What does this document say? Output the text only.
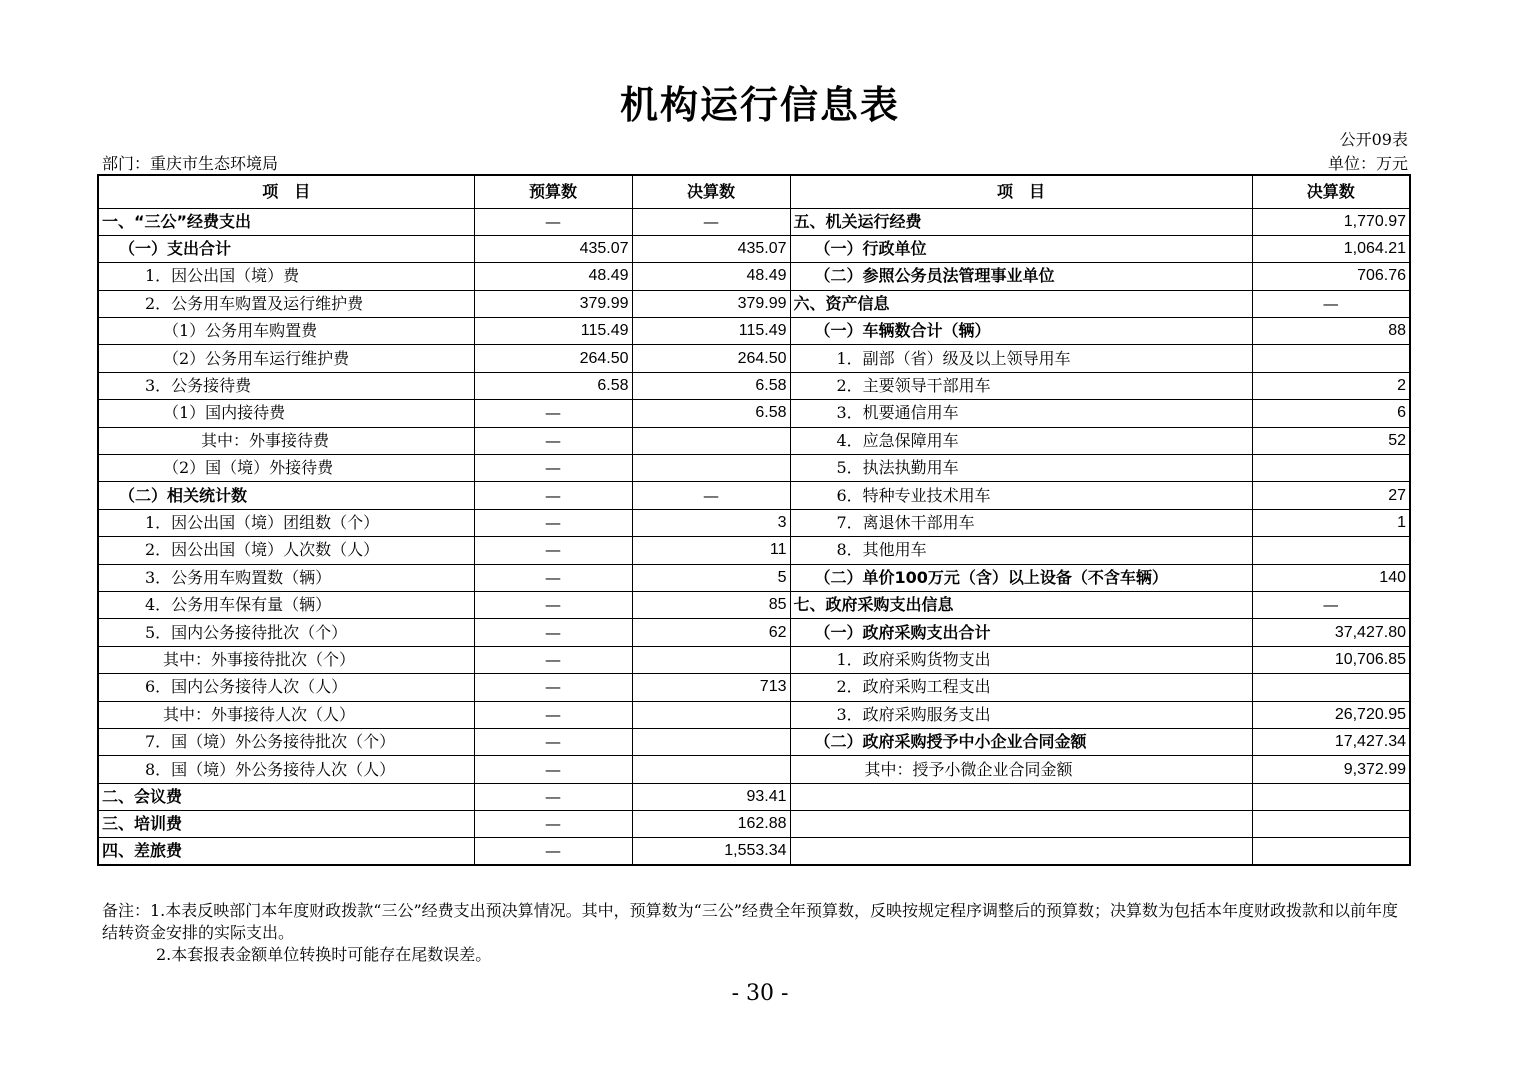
机构运行信息表
公开09表
部门：重庆市生态环境局	单位：万元
项　目	预算数	决算数	项　目	决算数
一、“三公”经费支出	—	—	五、机关运行经费	1,770.97
（一）支出合计	435.07	435.07	（一）行政单位	1,064.21
1．因公出国（境）费	48.49	48.49	（二）参照公务员法管理事业单位	706.76
2．公务用车购置及运行维护费	379.99	379.99	六、资产信息	—
（1）公务用车购置费	115.49	115.49	（一）车辆数合计（辆）	88
（2）公务用车运行维护费	264.50	264.50	1．副部（省）级及以上领导用车	
3．公务接待费	6.58	6.58	2．主要领导干部用车	2
（1）国内接待费	—	6.58	3．机要通信用车	6
其中：外事接待费	—		4．应急保障用车	52
（2）国（境）外接待费	—		5．执法执勤用车	
（二）相关统计数	—	—	6．特种专业技术用车	27
1．因公出国（境）团组数（个）	—	3	7．离退休干部用车	1
2．因公出国（境）人次数（人）	—	11	8．其他用车	
3．公务用车购置数（辆）	—	5	（二）单价100万元（含）以上设备（不含车辆）	140
4．公务用车保有量（辆）	—	85	七、政府采购支出信息	—
5．国内公务接待批次（个）	—	62	（一）政府采购支出合计	37,427.80
其中：外事接待批次（个）	—		1．政府采购货物支出	10,706.85
6．国内公务接待人次（人）	—	713	2．政府采购工程支出	
其中：外事接待人次（人）	—		3．政府采购服务支出	26,720.95
7．国（境）外公务接待批次（个）	—		（二）政府采购授予中小企业合同金额	17,427.34
8．国（境）外公务接待人次（人）	—		其中：授予小微企业合同金额	9,372.99
二、会议费	—	93.41		
三、培训费	—	162.88		
四、差旅费	—	1,553.34		
备注：1.本表反映部门本年度财政拨款“三公”经费支出预决算情况。其中，预算数为“三公”经费全年预算数，反映按规定程序调整后的预算数；决算数为包括本年度财政拨款和以前年度结转资金安排的实际支出。
2.本套报表金额单位转换时可能存在尾数误差。
- 30 -
